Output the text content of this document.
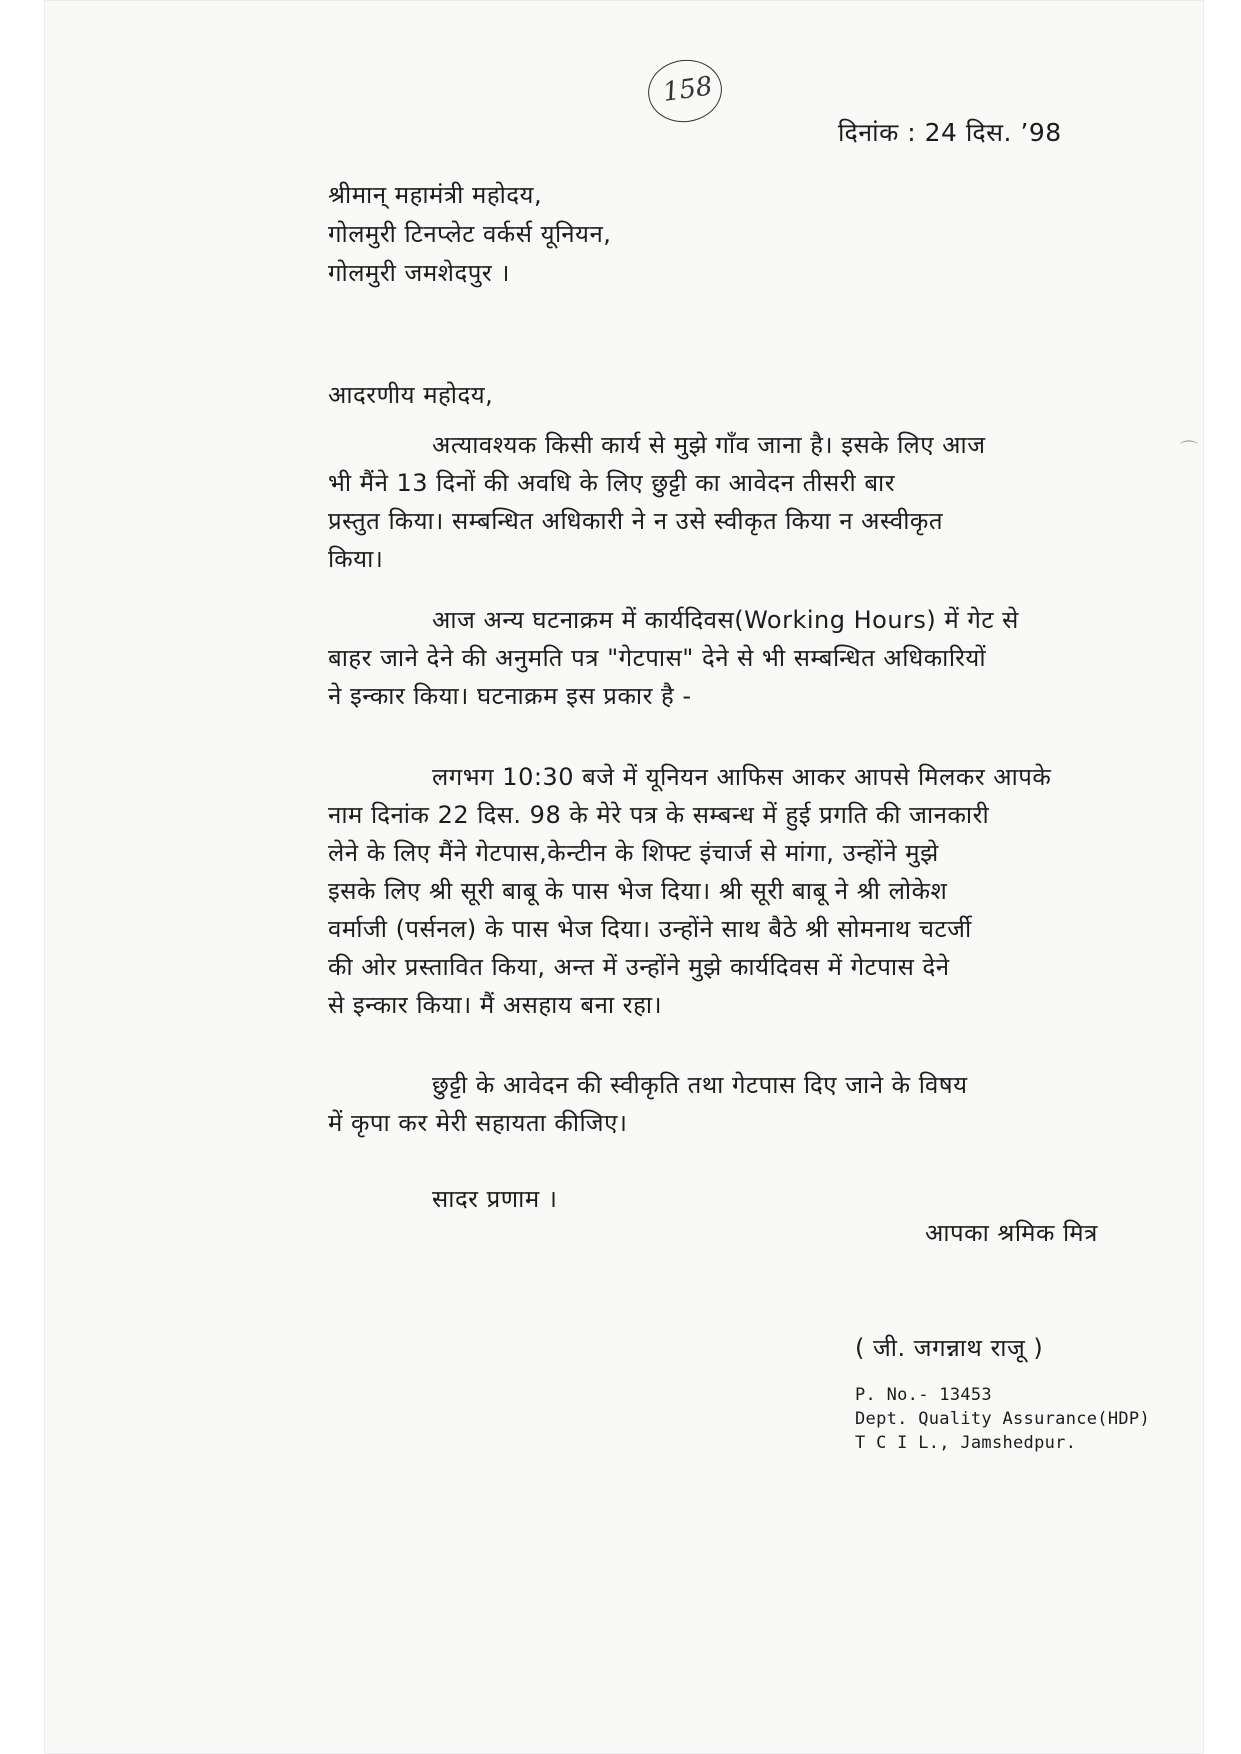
158
दिनांक : 24 दिस. ’98
श्रीमान् महामंत्री महोदय,
गोलमुरी टिनप्लेट वर्कर्स यूनियन,
गोलमुरी जमशेदपुर ।
आदरणीय महोदय,
अत्यावश्यक किसी कार्य से मुझे गाँव जाना है। इसके लिए आज
भी मैंने 13 दिनों की अवधि के लिए छुट्टी का आवेदन तीसरी बार
प्रस्तुत किया। सम्बन्धित अधिकारी ने न उसे स्वीकृत किया न अस्वीकृत
किया।
आज अन्य घटनाक्रम में कार्यदिवस(Working Hours) में गेट से
बाहर जाने देने की अनुमति पत्र "गेटपास" देने से भी सम्बन्धित अधिकारियों
ने इन्कार किया। घटनाक्रम इस प्रकार है -
लगभग 10:30 बजे में यूनियन आफिस आकर आपसे मिलकर आपके
नाम दिनांक 22 दिस. 98 के मेरे पत्र के सम्बन्ध में हुई प्रगति की जानकारी
लेने के लिए मैंने गेटपास,केन्टीन के शिफ्ट इंचार्ज से मांगा, उन्होंने मुझे
इसके लिए श्री सूरी बाबू के पास भेज दिया। श्री सूरी बाबू ने श्री लोकेश
वर्माजी (पर्सनल) के पास भेज दिया। उन्होंने साथ बैठे श्री सोमनाथ चटर्जी
की ओर प्रस्तावित किया, अन्त में उन्होंने मुझे कार्यदिवस में गेटपास देने
से इन्कार किया। मैं असहाय बना रहा।
छुट्टी के आवेदन की स्वीकृति तथा गेटपास दिए जाने के विषय
में कृपा कर मेरी सहायता कीजिए।
सादर प्रणाम ।
आपका श्रमिक मित्र
( जी. जगन्नाथ राजू )
P. No.- 13453
Dept. Quality Assurance(HDP)
T C I L., Jamshedpur.
⌒
